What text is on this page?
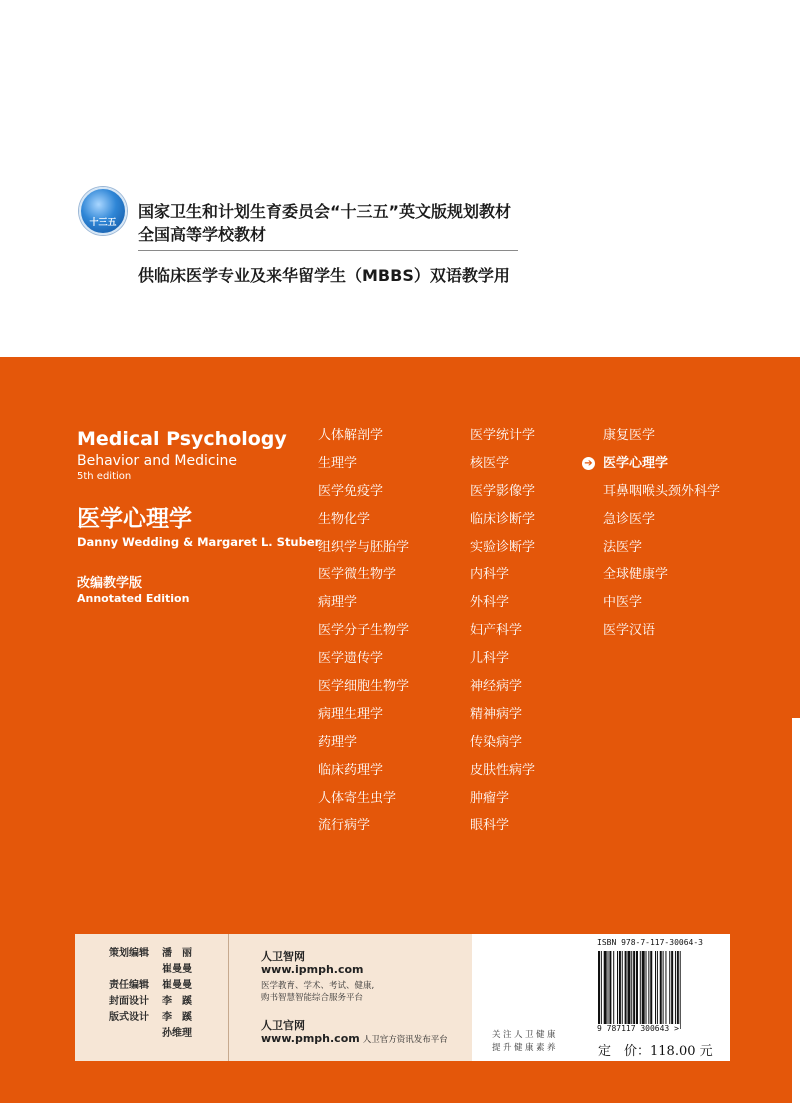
十三五
国家卫生和计划生育委员会“十三五”英文版规划教材
全国高等学校教材
供临床医学专业及来华留学生（MBBS）双语教学用
Medical Psychology
Behavior and Medicine
5th edition
医学心理学
Danny Wedding & Margaret L. Stuber
改编教学版
Annotated Edition
人体解剖学
生理学
医学免疫学
生物化学
组织学与胚胎学
医学微生物学
病理学
医学分子生物学
医学遗传学
医学细胞生物学
病理生理学
药理学
临床药理学
人体寄生虫学
流行病学
医学统计学
核医学
医学影像学
临床诊断学
实验诊断学
内科学
外科学
妇产科学
儿科学
神经病学
精神病学
传染病学
皮肤性病学
肿瘤学
眼科学
康复医学
➔ 医学心理学
耳鼻咽喉头颈外科学
急诊医学
法医学
全球健康学
中医学
医学汉语
策划编辑 潘　丽
崔曼曼
责任编辑 崔曼曼
封面设计 李　蹊
版式设计 李　蹊
孙维理
人卫智网
www.ipmph.com
医学教育、学术、考试、健康,
购书智慧智能综合服务平台
人卫官网
www.pmph.com 人卫官方资讯发布平台	关注人卫健康
提升健康素养
ISBN 978-7-117-30064-3
9 787117 300643 >
定　价：118.00 元
